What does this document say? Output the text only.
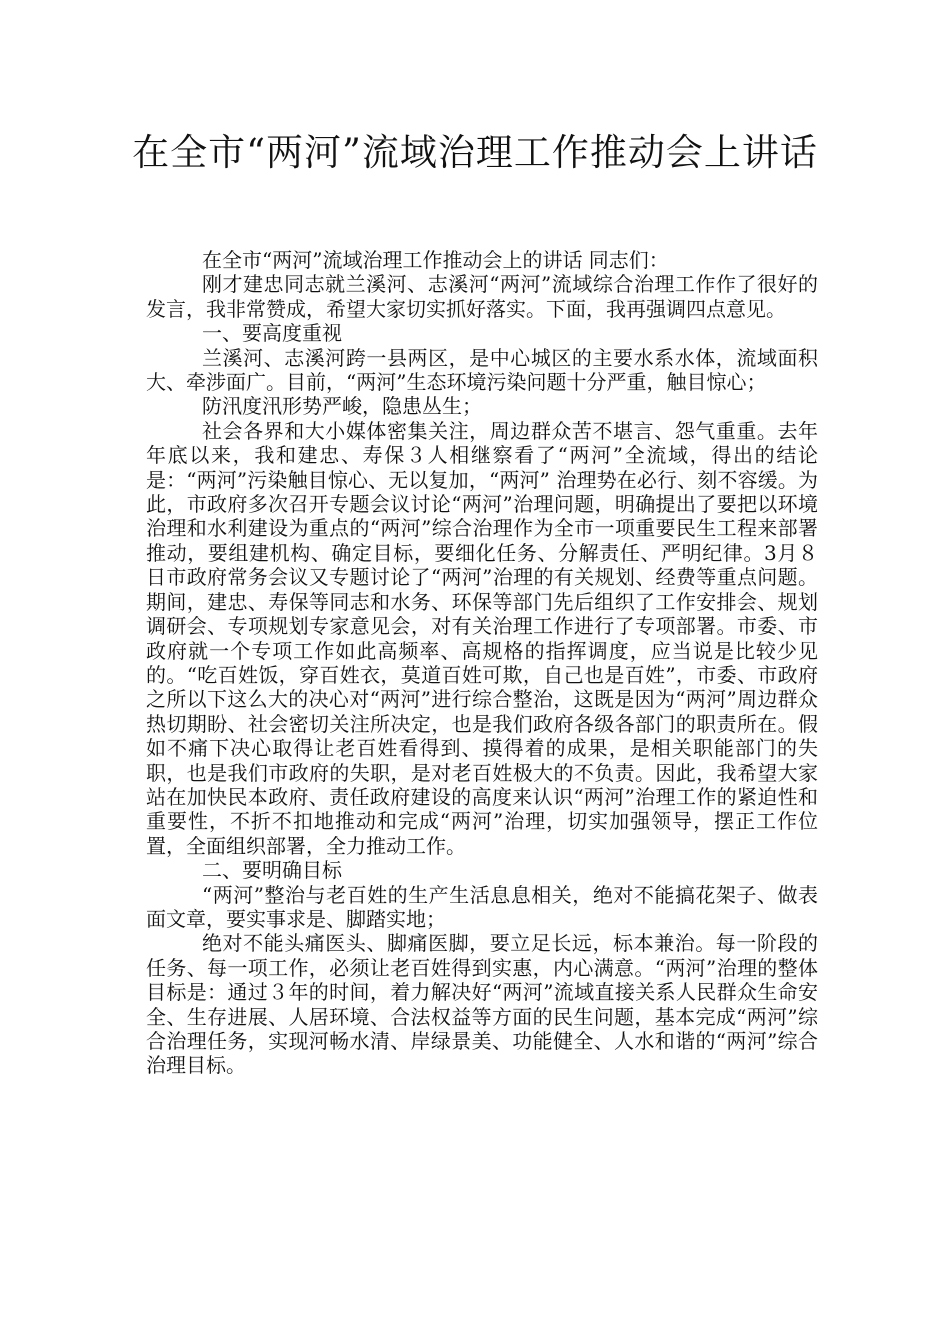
在全市“两河”流域治理工作推动会上讲话

在全市“两河”流域治理工作推动会上的讲话 同志们：

刚才建忠同志就兰溪河、志溪河“两河”流域综合治理工作作了很好的发言，我非常赞成，希望大家切实抓好落实。下面，我再强调四点意见。

一、要高度重视

兰溪河、志溪河跨一县两区，是中心城区的主要水系水体，流域面积大、牵涉面广。目前，“两河”生态环境污染问题十分严重，触目惊心；

防汛度汛形势严峻，隐患丛生；

社会各界和大小媒体密集关注，周边群众苦不堪言、怨气重重。去年年底以来，我和建忠、寿保３人相继察看了“两河”全流域，得出的结论是：“两河”污染触目惊心、无以复加，“两河” 治理势在必行、刻不容缓。为此，市政府多次召开专题会议讨论“两河”治理问题，明确提出了要把以环境治理和水利建设为重点的“两河”综合治理作为全市一项重要民生工程来部署推动，要组建机构、确定目标，要细化任务、分解责任、严明纪律。3月８日市政府常务会议又专题讨论了“两河”治理的有关规划、经费等重点问题。期间，建忠、寿保等同志和水务、环保等部门先后组织了工作安排会、规划调研会、专项规划专家意见会，对有关治理工作进行了专项部署。市委、市政府就一个专项工作如此高频率、高规格的指挥调度，应当说是比较少见的。“吃百姓饭，穿百姓衣，莫道百姓可欺，自己也是百姓”，市委、市政府之所以下这么大的决心对“两河”进行综合整治，这既是因为“两河”周边群众热切期盼、社会密切关注所决定，也是我们政府各级各部门的职责所在。假如不痛下决心取得让老百姓看得到、摸得着的成果，是相关职能部门的失职，也是我们市政府的失职，是对老百姓极大的不负责。因此，我希望大家站在加快民本政府、责任政府建设的高度来认识“两河”治理工作的紧迫性和重要性，不折不扣地推动和完成“两河”治理，切实加强领导，摆正工作位置，全面组织部署，全力推动工作。

二、要明确目标

“两河”整治与老百姓的生产生活息息相关，绝对不能搞花架子、做表面文章，要实事求是、脚踏实地；

绝对不能头痛医头、脚痛医脚，要立足长远，标本兼治。每一阶段的任务、每一项工作，必须让老百姓得到实惠，内心满意。“两河”治理的整体目标是：通过３年的时间，着力解决好“两河”流域直接关系人民群众生命安全、生存进展、人居环境、合法权益等方面的民生问题，基本完成“两河”综合治理任务，实现河畅水清、岸绿景美、功能健全、人水和谐的“两河”综合治理目标。
